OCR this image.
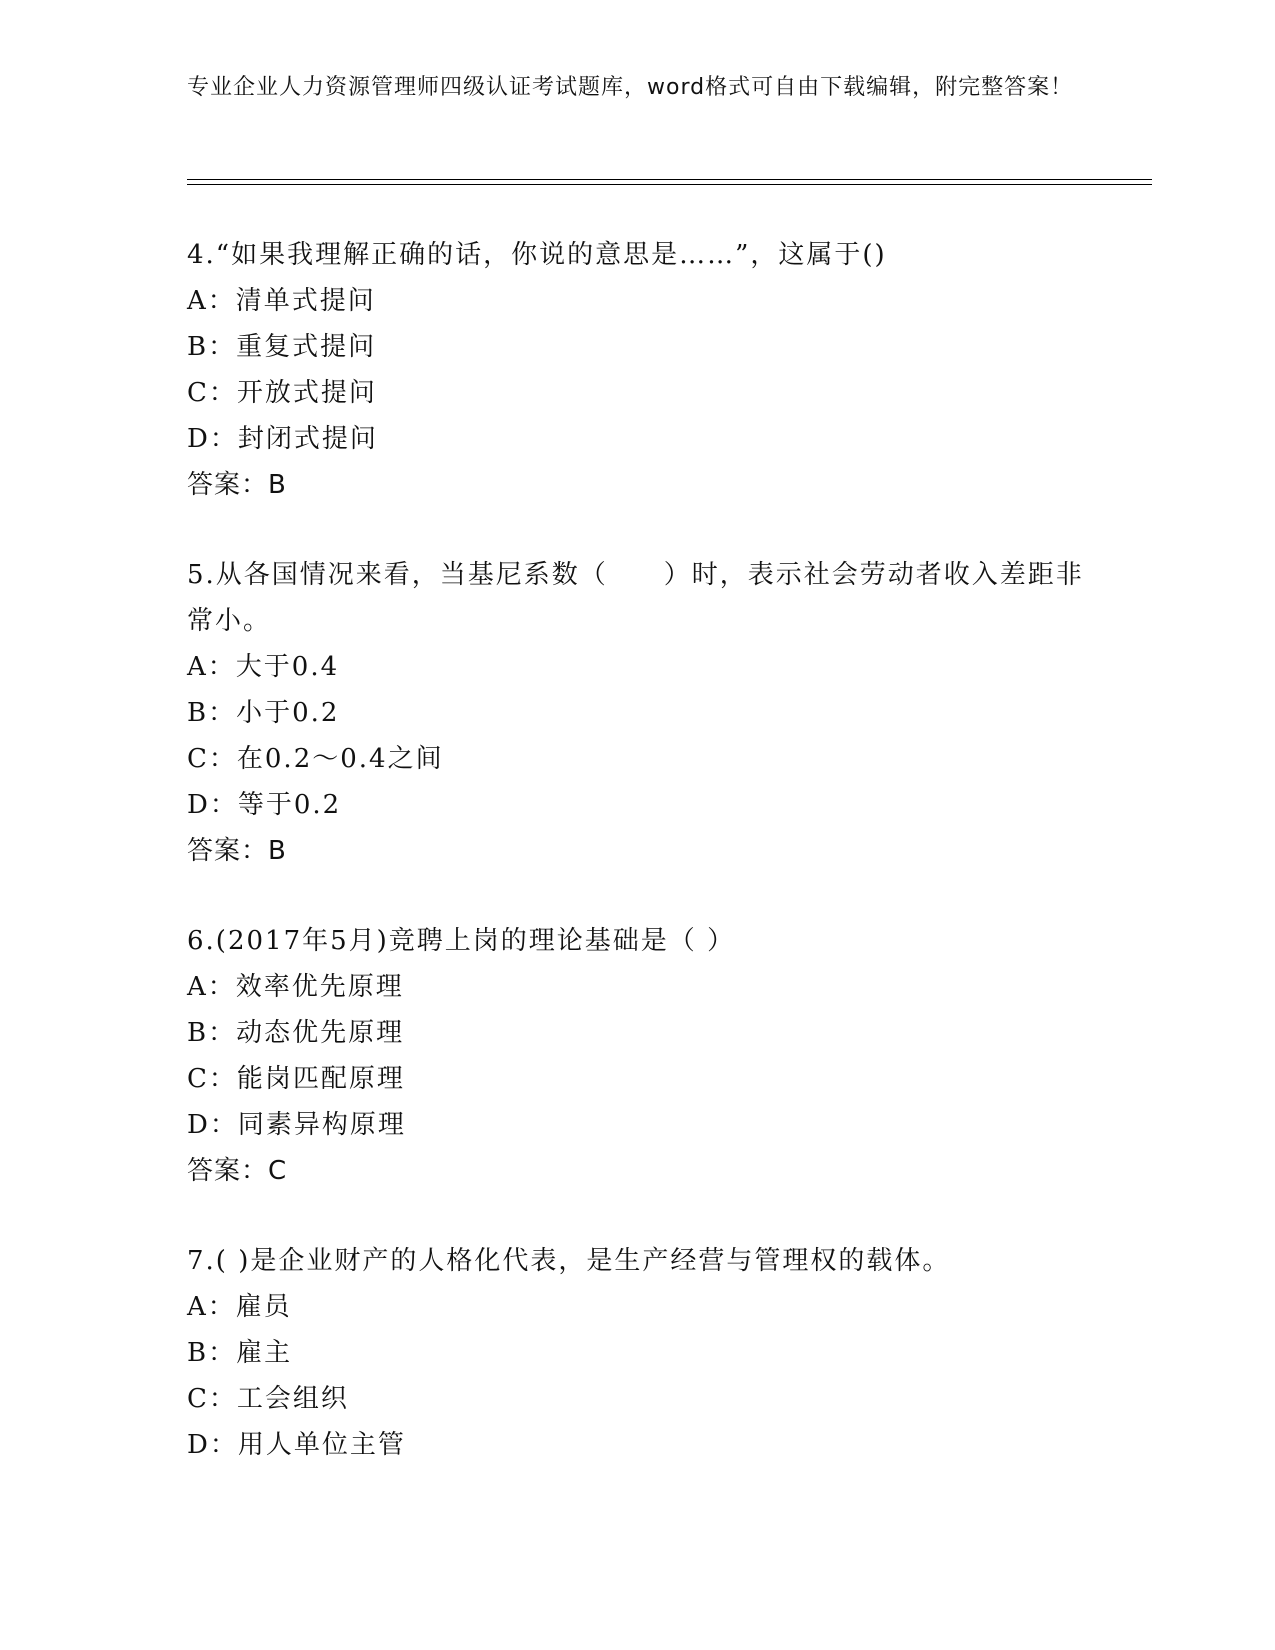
专业企业人力资源管理师四级认证考试题库，word格式可自由下载编辑，附完整答案！
4.“如果我理解正确的话，你说的意思是……”，这属于()
A：清单式提问
B：重复式提问
C：开放式提问
D：封闭式提问
答案：B
5.从各国情况来看，当基尼系数（　　）时，表示社会劳动者收入差距非常小。
A：大于0.4
B：小于0.2
C：在0.2～0.4之间
D：等于0.2
答案：B
6.(2017年5月)竞聘上岗的理论基础是（ ）
A：效率优先原理
B：动态优先原理
C：能岗匹配原理
D：同素异构原理
答案：C
7.( )是企业财产的人格化代表，是生产经营与管理权的载体。
A：雇员
B：雇主
C：工会组织
D：用人单位主管
